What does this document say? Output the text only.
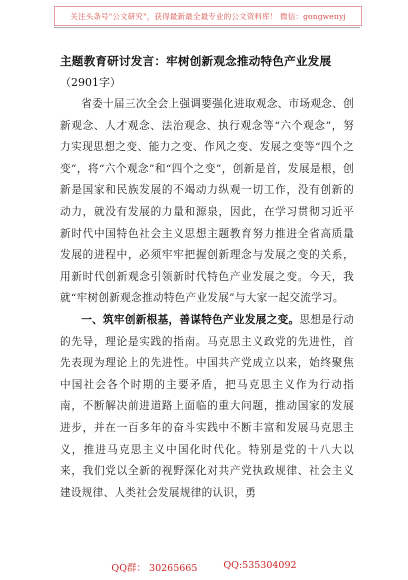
关注头条号"公文研究"，获得最新最全最专业的公文资料库！ 微信：gongwenyj

主题教育研讨发言：牢树创新观念推动特色产业发展

（2901字）

省委十届三次全会上强调要强化进取观念、市场观念、创新观念、人才观念、法治观念、执行观念等“六个观念”，努力实现思想之变、能力之变、作风之变、发展之变等“四个之变”，将“六个观念”和“四个之变”，创新是首，发展是根，创新是国家和民族发展的不竭动力纵观一切工作，没有创新的动力，就没有发展的力量和源泉，因此，在学习贯彻习近平新时代中国特色社会主义思想主题教育努力推进全省高质量发展的进程中，必须牢牢把握创新理念与发展之变的关系，用新时代创新观念引领新时代特色产业发展之变。今天，我就“牢树创新观念推动特色产业发展”与大家一起交流学习。

一、筑牢创新根基，善谋特色产业发展之变。思想是行动的先导，理论是实践的指南。马克思主义政党的先进性，首先表现为理论上的先进性。中国共产党成立以来，始终聚焦中国社会各个时期的主要矛盾，把马克思主义作为行动指南，不断解决前进道路上面临的重大问题，推动国家的发展进步，并在一百多年的奋斗实践中不断丰富和发展马克思主义，推进马克思主义中国化时代化。特别是党的十八大以来，我们党以全新的视野深化对共产党执政规律、社会主义建设规律、人类社会发展规律的认识，勇

QQ群： 30265665	QQ:535304092
